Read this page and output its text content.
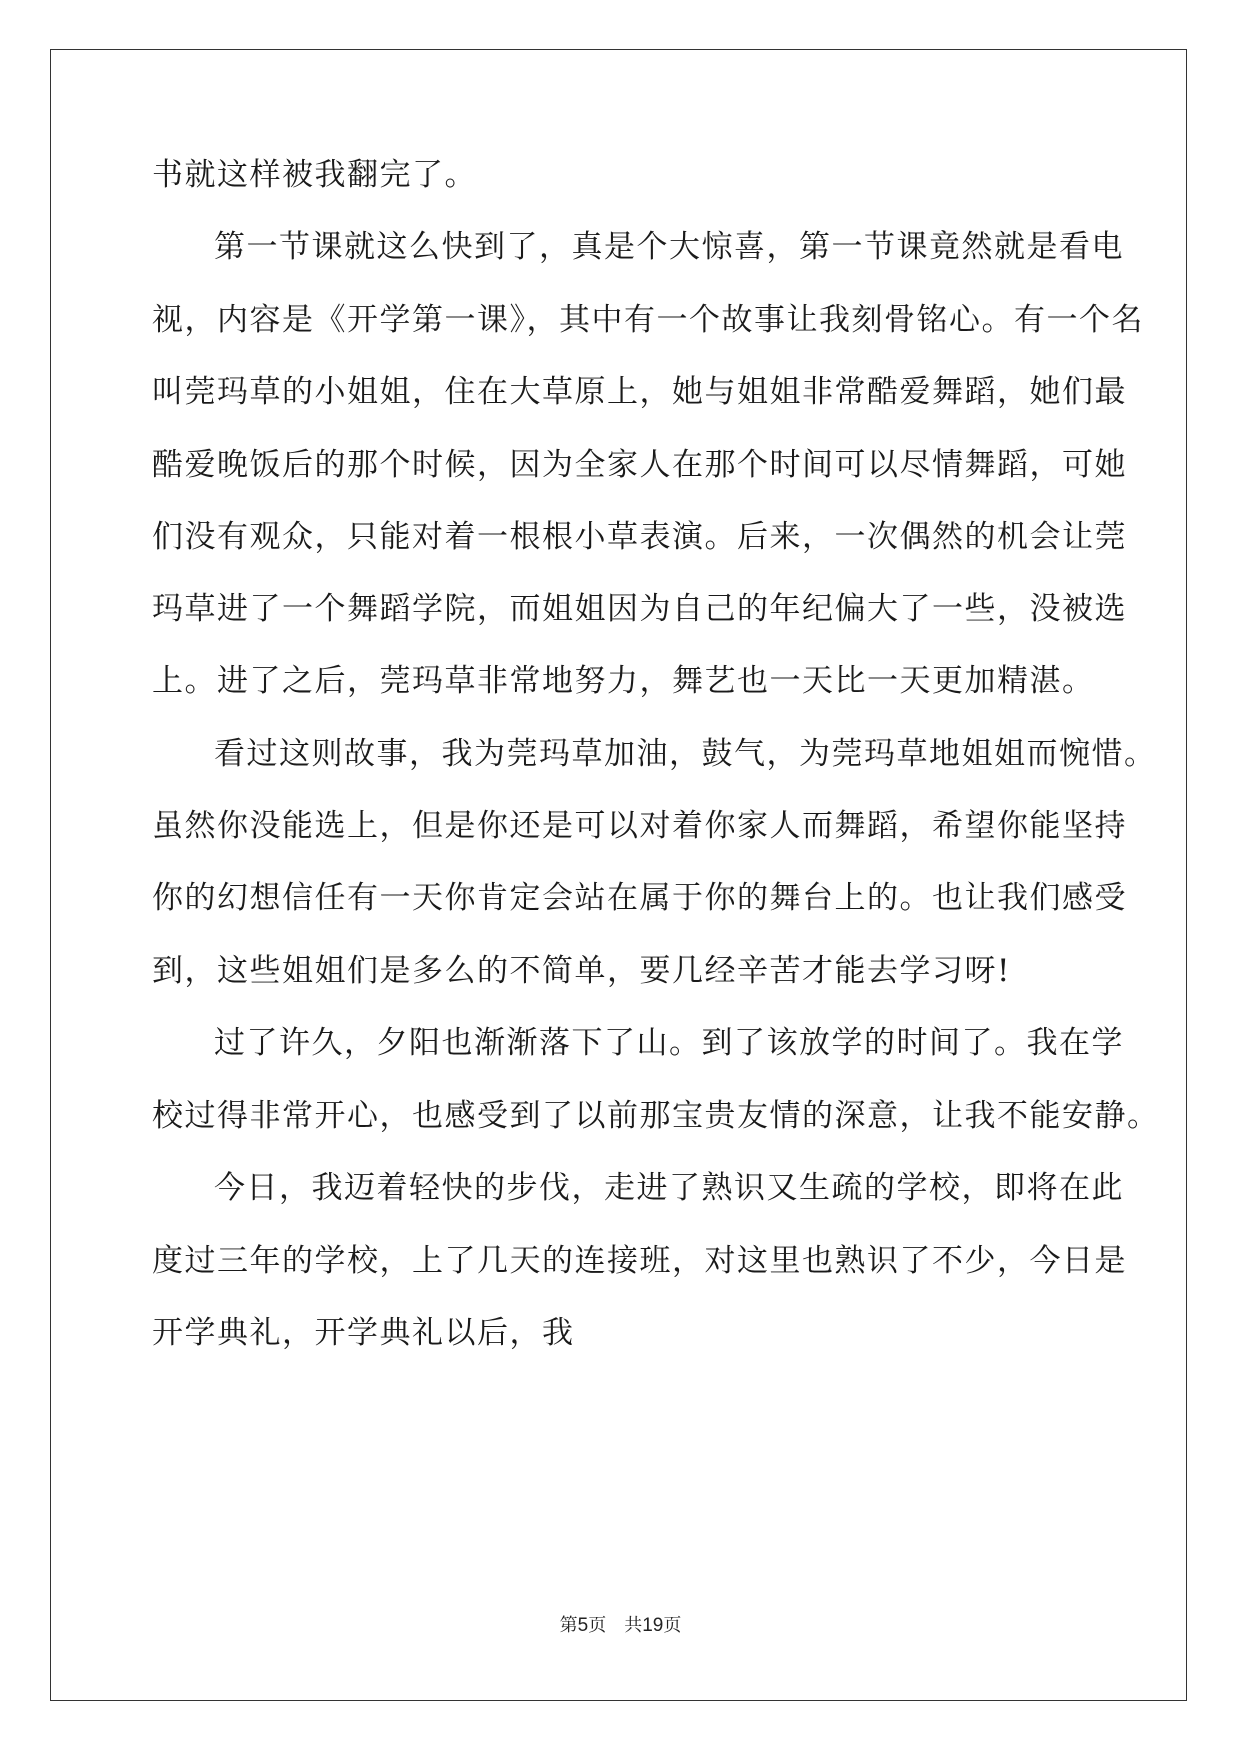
书就这样被我翻完了。
第一节课就这么快到了，真是个大惊喜，第一节课竟然就是看电
视，内容是《开学第一课》，其中有一个故事让我刻骨铭心。有一个名
叫莞玛草的小姐姐，住在大草原上，她与姐姐非常酷爱舞蹈，她们最
酷爱晚饭后的那个时候，因为全家人在那个时间可以尽情舞蹈，可她
们没有观众，只能对着一根根小草表演。后来，一次偶然的机会让莞
玛草进了一个舞蹈学院，而姐姐因为自己的年纪偏大了一些，没被选
上。进了之后，莞玛草非常地努力，舞艺也一天比一天更加精湛。
看过这则故事，我为莞玛草加油，鼓气，为莞玛草地姐姐而惋惜。
虽然你没能选上，但是你还是可以对着你家人而舞蹈，希望你能坚持
你的幻想信任有一天你肯定会站在属于你的舞台上的。也让我们感受
到，这些姐姐们是多么的不简单，要几经辛苦才能去学习呀!
过了许久，夕阳也渐渐落下了山。到了该放学的时间了。我在学
校过得非常开心，也感受到了以前那宝贵友情的深意，让我不能安静。
今日，我迈着轻快的步伐，走进了熟识又生疏的学校，即将在此
度过三年的学校，上了几天的连接班，对这里也熟识了不少，今日是
开学典礼，开学典礼以后，我
第5页　共19页
